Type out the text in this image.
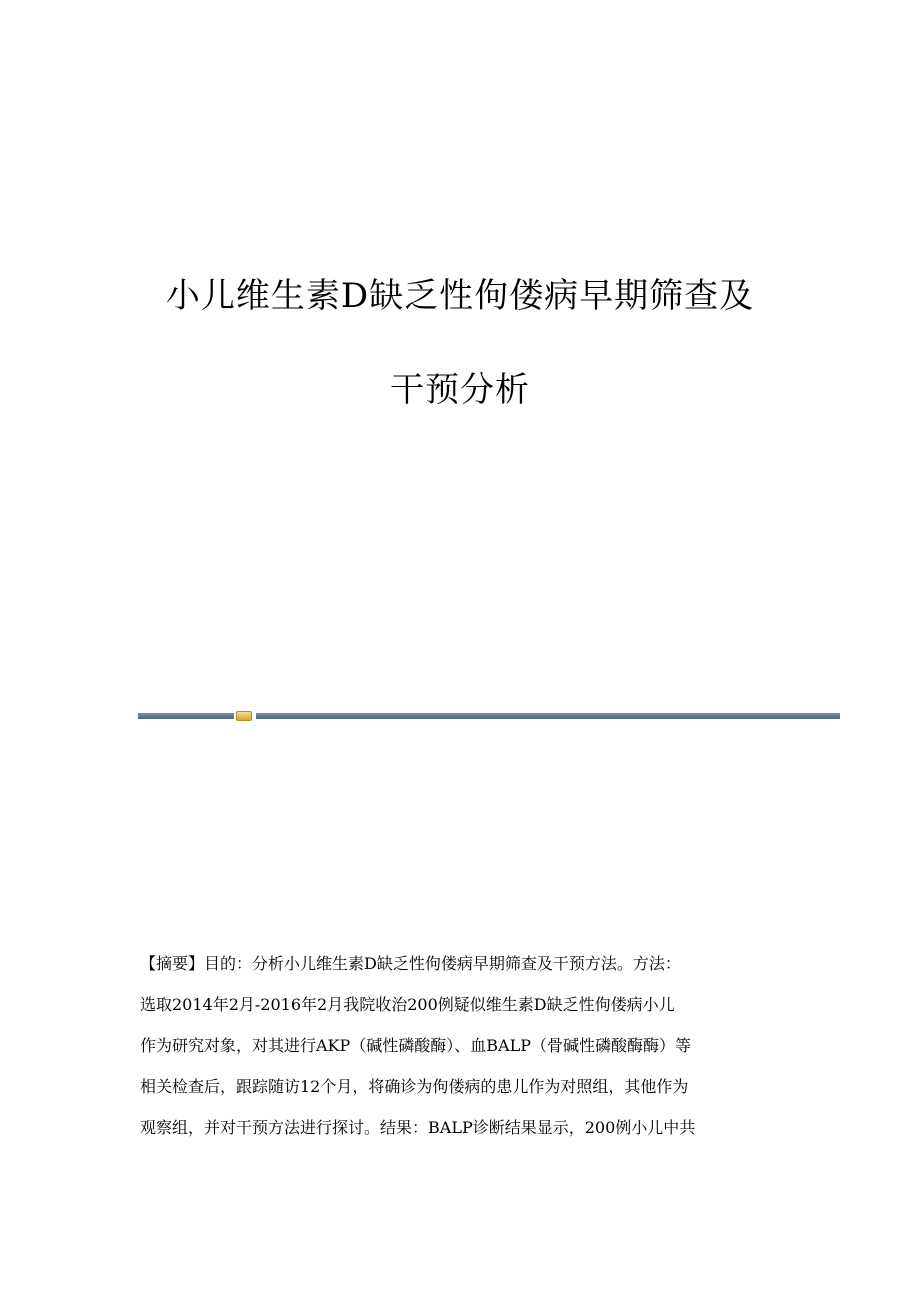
小儿维生素D缺乏性佝偻病早期筛查及
干预分析
【摘要】目的：分析小儿维生素D缺乏性佝偻病早期筛查及干预方法。方法：
选取2014年2月-2016年2月我院收治200例疑似维生素D缺乏性佝偻病小儿
作为研究对象，对其进行AKP（碱性磷酸酶）、血BALP（骨碱性磷酸酶酶）等
相关检查后，跟踪随访12个月，将确诊为佝偻病的患儿作为对照组，其他作为
观察组，并对干预方法进行探讨。结果：BALP诊断结果显示，200例小儿中共
